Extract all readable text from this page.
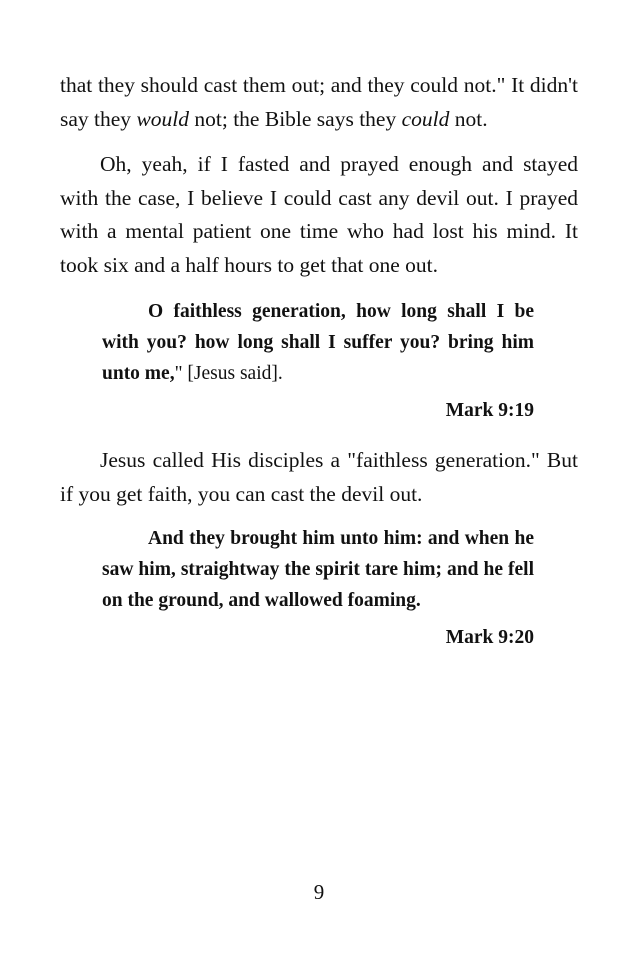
that they should cast them out; and they could not." It didn't say they would not; the Bible says they could not.

Oh, yeah, if I fasted and prayed enough and stayed with the case, I believe I could cast any devil out. I prayed with a mental patient one time who had lost his mind. It took six and a half hours to get that one out.

O faithless generation, how long shall I be with you? how long shall I suffer you? bring him unto me," [Jesus said].

Mark 9:19

Jesus called His disciples a "faithless generation." But if you get faith, you can cast the devil out.

And they brought him unto him: and when he saw him, straightway the spirit tare him; and he fell on the ground, and wallowed foaming.

Mark 9:20
9
